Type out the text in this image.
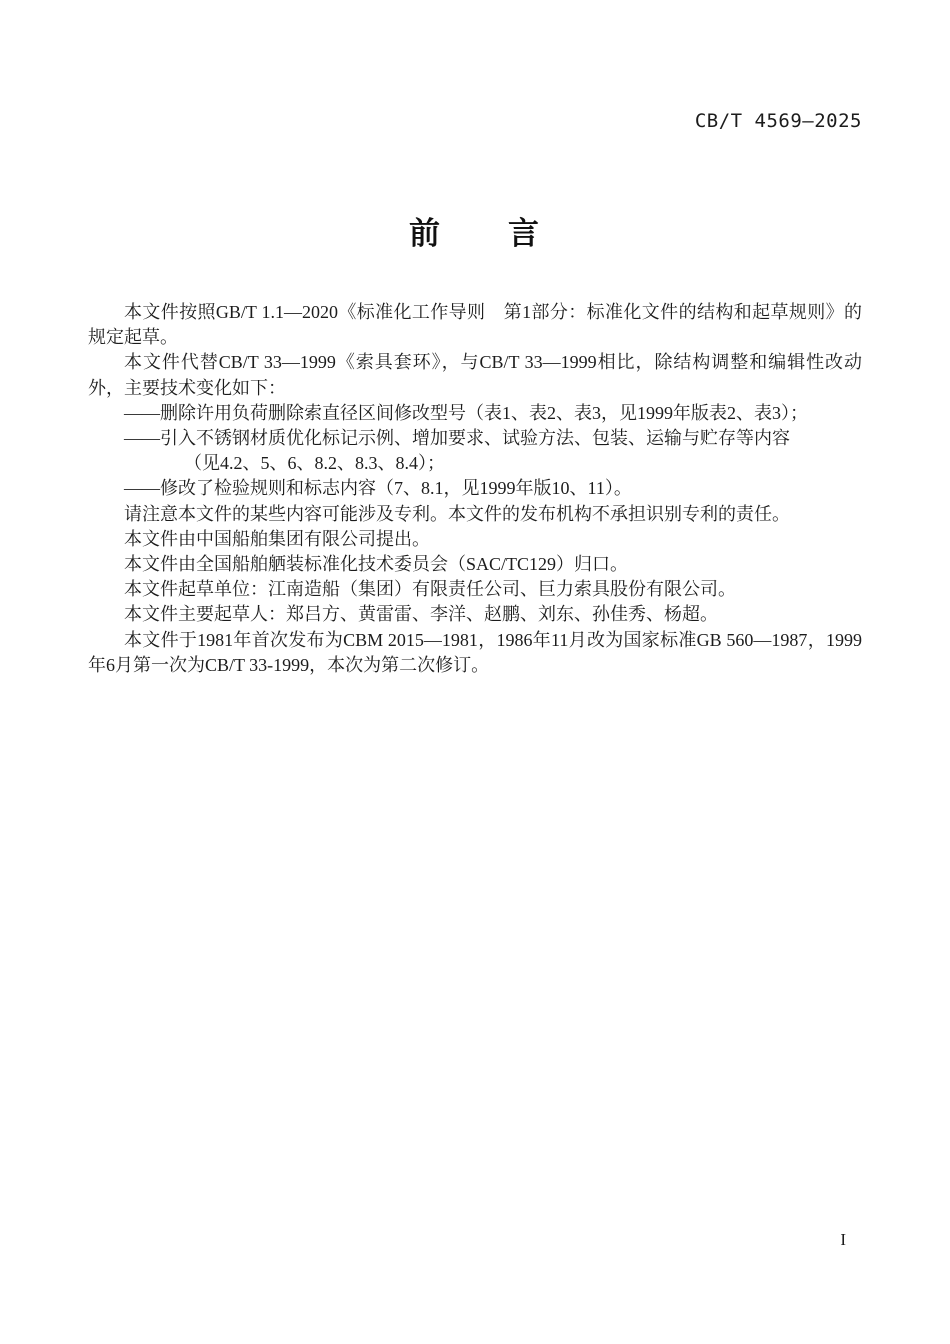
CB/T 4569—2025
前　　言

本文件按照GB/T 1.1—2020《标准化工作导则　第1部分：标准化文件的结构和起草规则》的规定起草。

本文件代替CB/T 33—1999《索具套环》，与CB/T 33—1999相比，除结构调整和编辑性改动外，主要技术变化如下：

——删除许用负荷删除索直径区间修改型号（表1、表2、表3，见1999年版表2、表3）；

——引入不锈钢材质优化标记示例、增加要求、试验方法、包装、运输与贮存等内容

（见4.2、5、6、8.2、8.3、8.4）；

——修改了检验规则和标志内容（7、8.1，见1999年版10、11）。

请注意本文件的某些内容可能涉及专利。本文件的发布机构不承担识别专利的责任。

本文件由中国船舶集团有限公司提出。

本文件由全国船舶舾装标准化技术委员会（SAC/TC129）归口。

本文件起草单位：江南造船（集团）有限责任公司、巨力索具股份有限公司。

本文件主要起草人：郑吕方、黄雷雷、李洋、赵鹏、刘东、孙佳秀、杨超。

本文件于1981年首次发布为CBM 2015—1981，1986年11月改为国家标准GB 560—1987，1999年6月第一次为CB/T 33-1999，本次为第二次修订。

I
